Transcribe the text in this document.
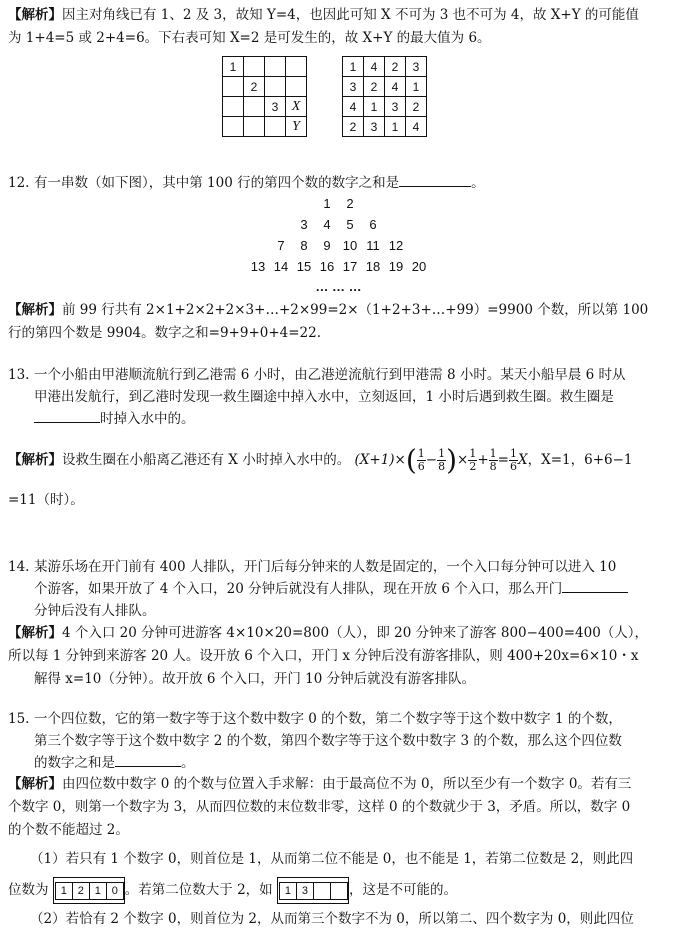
【解析】因主对角线已有 1、2 及 3，故知 Y=4，也因此可知 X 不可为 3 也不可为 4，故 X+Y 的可能值
为 1+4=5 或 2+4=6。下右表可知 X=2 是可发生的，故 X+Y 的最大值为 6。
1			
	2		
		3	X
			Y
1	4	2	3
3	2	4	1
4	1	3	2
2	3	1	4
12. 有一串数（如下图），其中第 100 行的第四个数的数字之和是	。
1 2
3 4 5 6
7 8 9 10 11 12
13 14 15 16 17 18 19 20
… … …
【解析】前 99 行共有 2×1+2×2+2×3+…+2×99=2×（1+2+3+…+99）=9900 个数，所以第 100
行的第四个数是 9904。数字之和=9+9+0+4=22.
13. 一个小船由甲港顺流航行到乙港需 6 小时，由乙港逆流航行到甲港需 8 小时。某天小船早晨 6 时从
甲港出发航行，到乙港时发现一救生圈途中掉入水中，立刻返回，1 小时后遇到救生圈。救生圈是
时掉入水中的。
【解析】设救生圈在小船离乙港还有 X 小时掉入水中的。 $(X+1)\times( \frac{1}{6} - \frac{1}{8}$ )× $\frac{1}{2} + \frac{1}{8} = \frac{1}{6}$ X，X=1，6+6−1
=11（时）。
14. 某游乐场在开门前有 400 人排队，开门后每分钟来的人数是固定的，一个入口每分钟可以进入 10
个游客，如果开放了 4 个入口，20 分钟后就没有人排队，现在开放 6 个入口，那么开门
分钟后没有人排队。
【解析】4 个入口 20 分钟可进游客 4×10×20=800（人），即 20 分钟来了游客 800−400=400（人），
所以每 1 分钟到来游客 20 人。设开放 6 个入口，开门 x 分钟后没有游客排队，则 400+20x=6×10・x
解得 x=10（分钟）。故开放 6 个入口，开门 10 分钟后就没有游客排队。
15. 一个四位数，它的第一数字等于这个数中数字 0 的个数，第二个数字等于这个数中数字 1 的个数，
第三个数字等于这个数中数字 2 的个数，第四个数字等于这个数中数字 3 的个数，那么这个四位数
的数字之和是	。
【解析】由四位数中数字 0 的个数与位置入手求解：由于最高位不为 0，所以至少有一个数字 0。若有三
个数字 0，则第一个数字为 3，从而四位数的末位数非零，这样 0 的个数就少于 3，矛盾。所以，数字 0
的个数不能超过 2。
（1）若只有 1 个数字 0，则首位是 1，从而第二位不能是 0，也不能是 1，若第二位数是 2，则此四
位数为 1 2 1 0 。若第二位数大于 2，如 1 3	，这是不可能的。
（2）若恰有 2 个数字 0，则首位为 2，从而第三个数字不为 0，所以第二、四个数字为 0，则此四位
